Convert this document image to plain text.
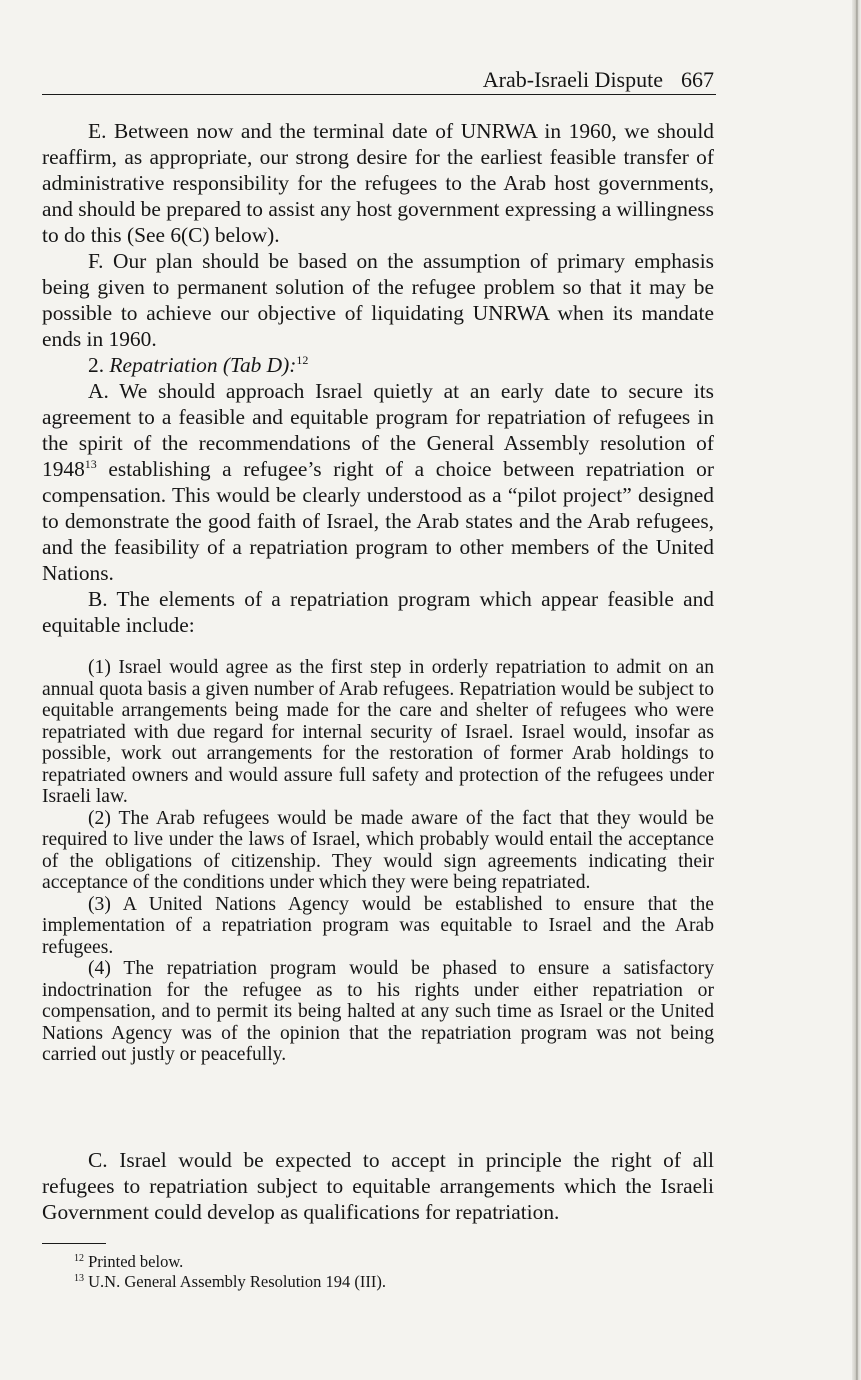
Arab-Israeli Dispute 667

E. Between now and the terminal date of UNRWA in 1960, we should reaffirm, as appropriate, our strong desire for the earliest feasible transfer of administrative responsibility for the refugees to the Arab host governments, and should be prepared to assist any host government expressing a willingness to do this (See 6(C) below).

F. Our plan should be based on the assumption of primary emphasis being given to permanent solution of the refugee problem so that it may be possible to achieve our objective of liquidating UNRWA when its mandate ends in 1960.

2. Repatriation (Tab D):$^{12}$

A. We should approach Israel quietly at an early date to secure its agreement to a feasible and equitable program for repatriation of refugees in the spirit of the recommendations of the General Assembly resolution of 1948$^{13}$ establishing a refugee’s right of a choice between repatriation or compensation. This would be clearly understood as a “pilot project” designed to demonstrate the good faith of Israel, the Arab states and the Arab refugees, and the feasibility of a repatriation program to other members of the United Nations.

B. The elements of a repatriation program which appear feasible and equitable include:

(1) Israel would agree as the first step in orderly repatriation to admit on an annual quota basis a given number of Arab refugees. Repatriation would be subject to equitable arrangements being made for the care and shelter of refugees who were repatriated with due regard for internal security of Israel. Israel would, insofar as possible, work out arrangements for the restoration of former Arab holdings to repatriated owners and would assure full safety and protection of the refugees under Israeli law.

(2) The Arab refugees would be made aware of the fact that they would be required to live under the laws of Israel, which probably would entail the acceptance of the obligations of citizenship. They would sign agreements indicating their acceptance of the conditions under which they were being repatriated.

(3) A United Nations Agency would be established to ensure that the implementation of a repatriation program was equitable to Israel and the Arab refugees.

(4) The repatriation program would be phased to ensure a satisfactory indoctrination for the refugee as to his rights under either repatriation or compensation, and to permit its being halted at any such time as Israel or the United Nations Agency was of the opinion that the repatriation program was not being carried out justly or peacefully.

C. Israel would be expected to accept in principle the right of all refugees to repatriation subject to equitable arrangements which the Israeli Government could develop as qualifications for repatriation.

$^{12}$ Printed below.

$^{13}$ U.N. General Assembly Resolution 194 (III).
